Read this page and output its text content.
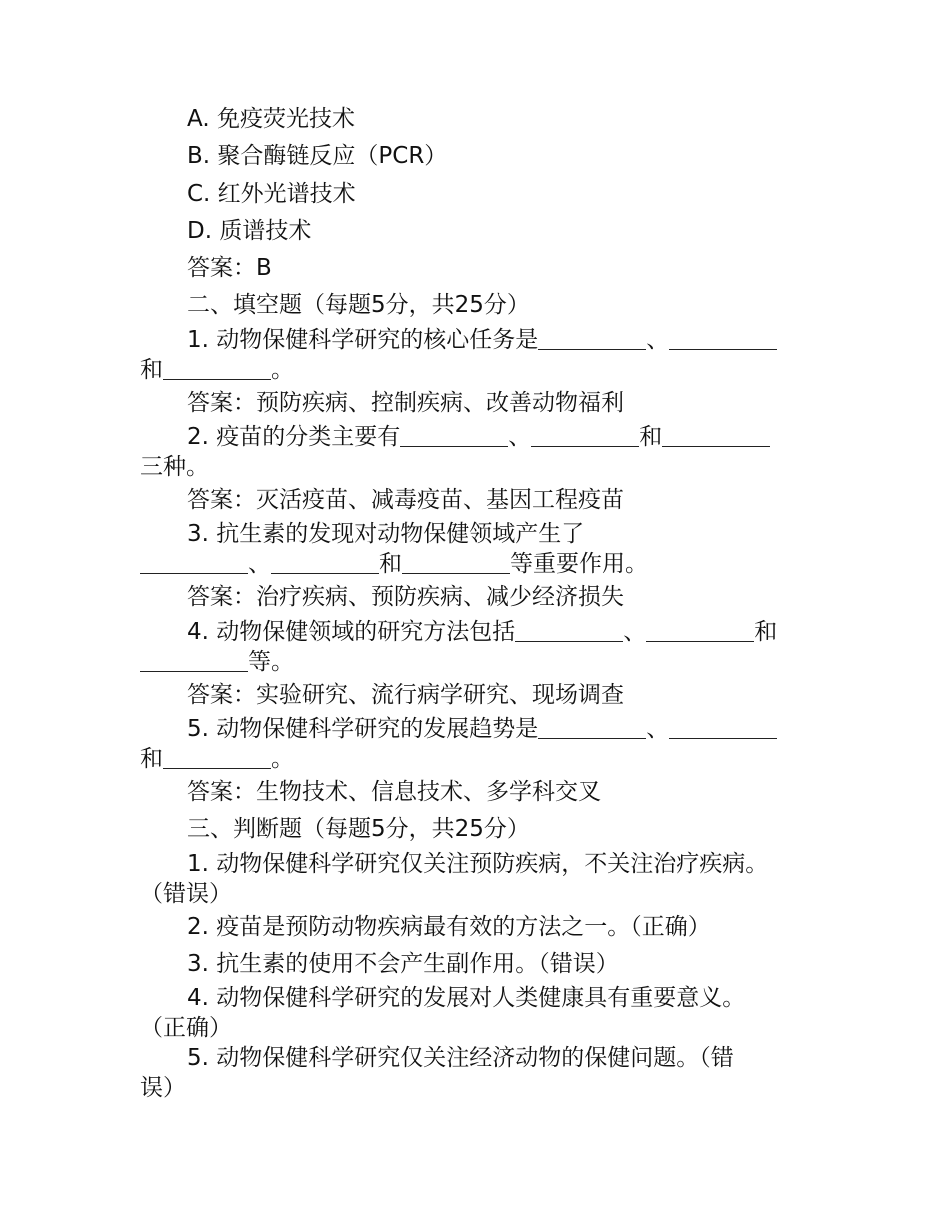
A. 免疫荧光技术
B. 聚合酶链反应（PCR）
C. 红外光谱技术
D. 质谱技术
答案：B
二、填空题（每题5分，共25分）
1. 动物保健科学研究的核心任务是	、
和	。
答案：预防疾病、控制疾病、改善动物福利
2. 疫苗的分类主要有	、	和
三种。
答案：灭活疫苗、减毒疫苗、基因工程疫苗
3. 抗生素的发现对动物保健领域产生了
、	和	等重要作用。
答案：治疗疾病、预防疾病、减少经济损失
4. 动物保健领域的研究方法包括	、	和
等。
答案：实验研究、流行病学研究、现场调查
5. 动物保健科学研究的发展趋势是	、
和	。
答案：生物技术、信息技术、多学科交叉
三、判断题（每题5分，共25分）
1. 动物保健科学研究仅关注预防疾病，不关注治疗疾病。
（错误）
2. 疫苗是预防动物疾病最有效的方法之一。（正确）
3. 抗生素的使用不会产生副作用。（错误）
4. 动物保健科学研究的发展对人类健康具有重要意义。
（正确）
5. 动物保健科学研究仅关注经济动物的保健问题。（错
误）
